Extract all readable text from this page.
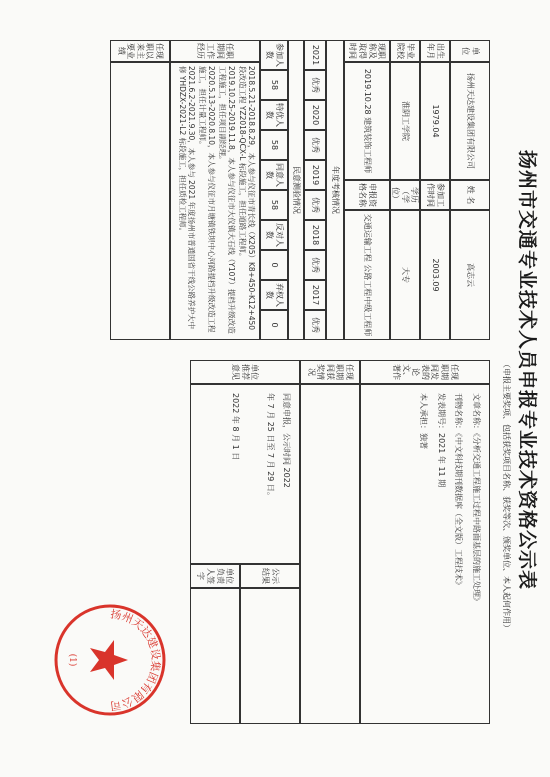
扬州市交通专业技术人员申报专业技术资格公示表
（申报主要奖项、包括获奖项目名称、获奖等次、颁奖单位、本人起何作用）
单 位
扬州天达建设集团有限公司
姓 名
高志云
出生年月
1979.04
参加工作时间
2003.09
毕业院校
淮阴工学院
学历（学位）
大专
现职称及取得时间
2019.10.28 建筑装饰工程师
申报资格名称
交通运输工程 公路工程中级工程师
年度考核情况
2021
优秀
2020
优秀
2019
优秀
2018
优秀
2017
优秀
民意测验情况
参加人数
58
特优人数
58
同意人数
58
反对人数
0
弃权人数
0
任职期间工作经历
2018.5.21-2018.8.29，本人参与仪征市青长线（X205）K8+450-K12+450 段改造工程 YZ2018-QCX-L 标段施工，担任道路工程师。
2019.10.25-2019.11.8，本人参与仪征市大仪镇大石线（Y107）提档升级改造工程施工，担任项目副经理。
2020.5.13-2020.8.10，本人参与仪征市月塘镇铁坝中心河路提档升级改造工程施工，担任计量工程师。
2021.6.2-2021.9.30，本人参与 2021 年度扬州市普通国省干线公路养护大中修 YHDZX-2021-L2 标段施工，担任质检工程师。
任现职以来主要业绩
任现职期间发表的论文、著作
文章名称：《分析交通工程施工过程中路面基层的施工处理》
刊物名称：《中文科技期刊数据库（全文版）工程技术》
发表期号：2021 年 11 期
本人承担：独著
任现职期间获奖情况
单位推荐意见
同意申报，公示时间 2022
年 7 月 25 日至 7 月 29 日。
2022 年 8 月 1 日
公示结果
单位负责人签字
扬州天达建设集团有限公司
(1)
